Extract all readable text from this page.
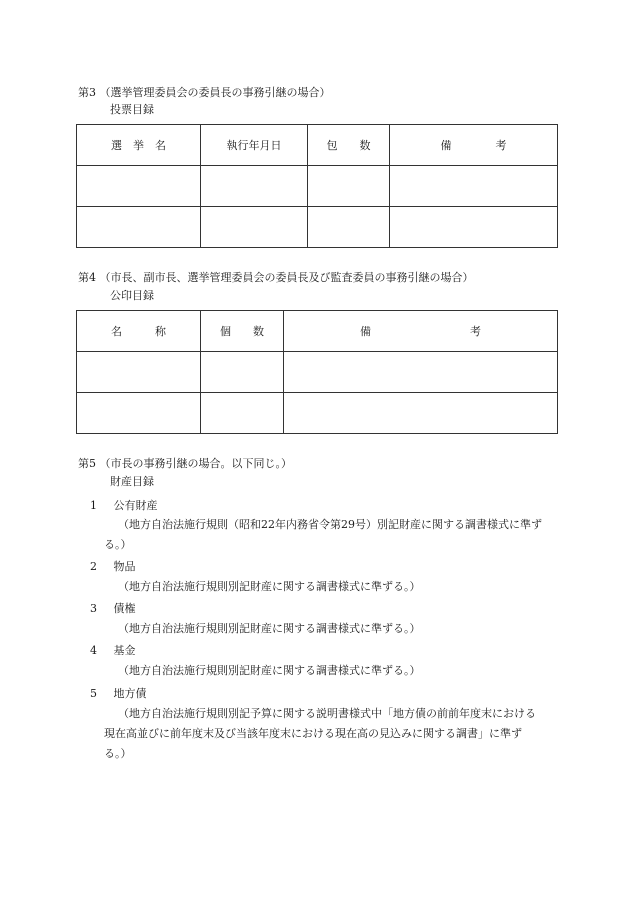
第3 （選挙管理委員会の委員長の事務引継の場合）
投票目録
選　挙　名	執行年月日	包　　数	備　　　　考

第4 （市長、副市長、選挙管理委員会の委員長及び監査委員の事務引継の場合）
公印目録
名　　　称	個　　数	備　　　　　　　　　考

第5 （市長の事務引継の場合。以下同じ。）
財産目録
1 公有財産
（地方自治法施行規則（昭和22年内務省令第29号）別記財産に関する調書様式に準ず
る。）
2 物品
（地方自治法施行規則別記財産に関する調書様式に準ずる。）
3 債権
（地方自治法施行規則別記財産に関する調書様式に準ずる。）
4 基金
（地方自治法施行規則別記財産に関する調書様式に準ずる。）
5 地方債
（地方自治法施行規則別記予算に関する説明書様式中「地方債の前前年度末における
現在高並びに前年度末及び当該年度末における現在高の見込みに関する調書」に準ず
る。）
